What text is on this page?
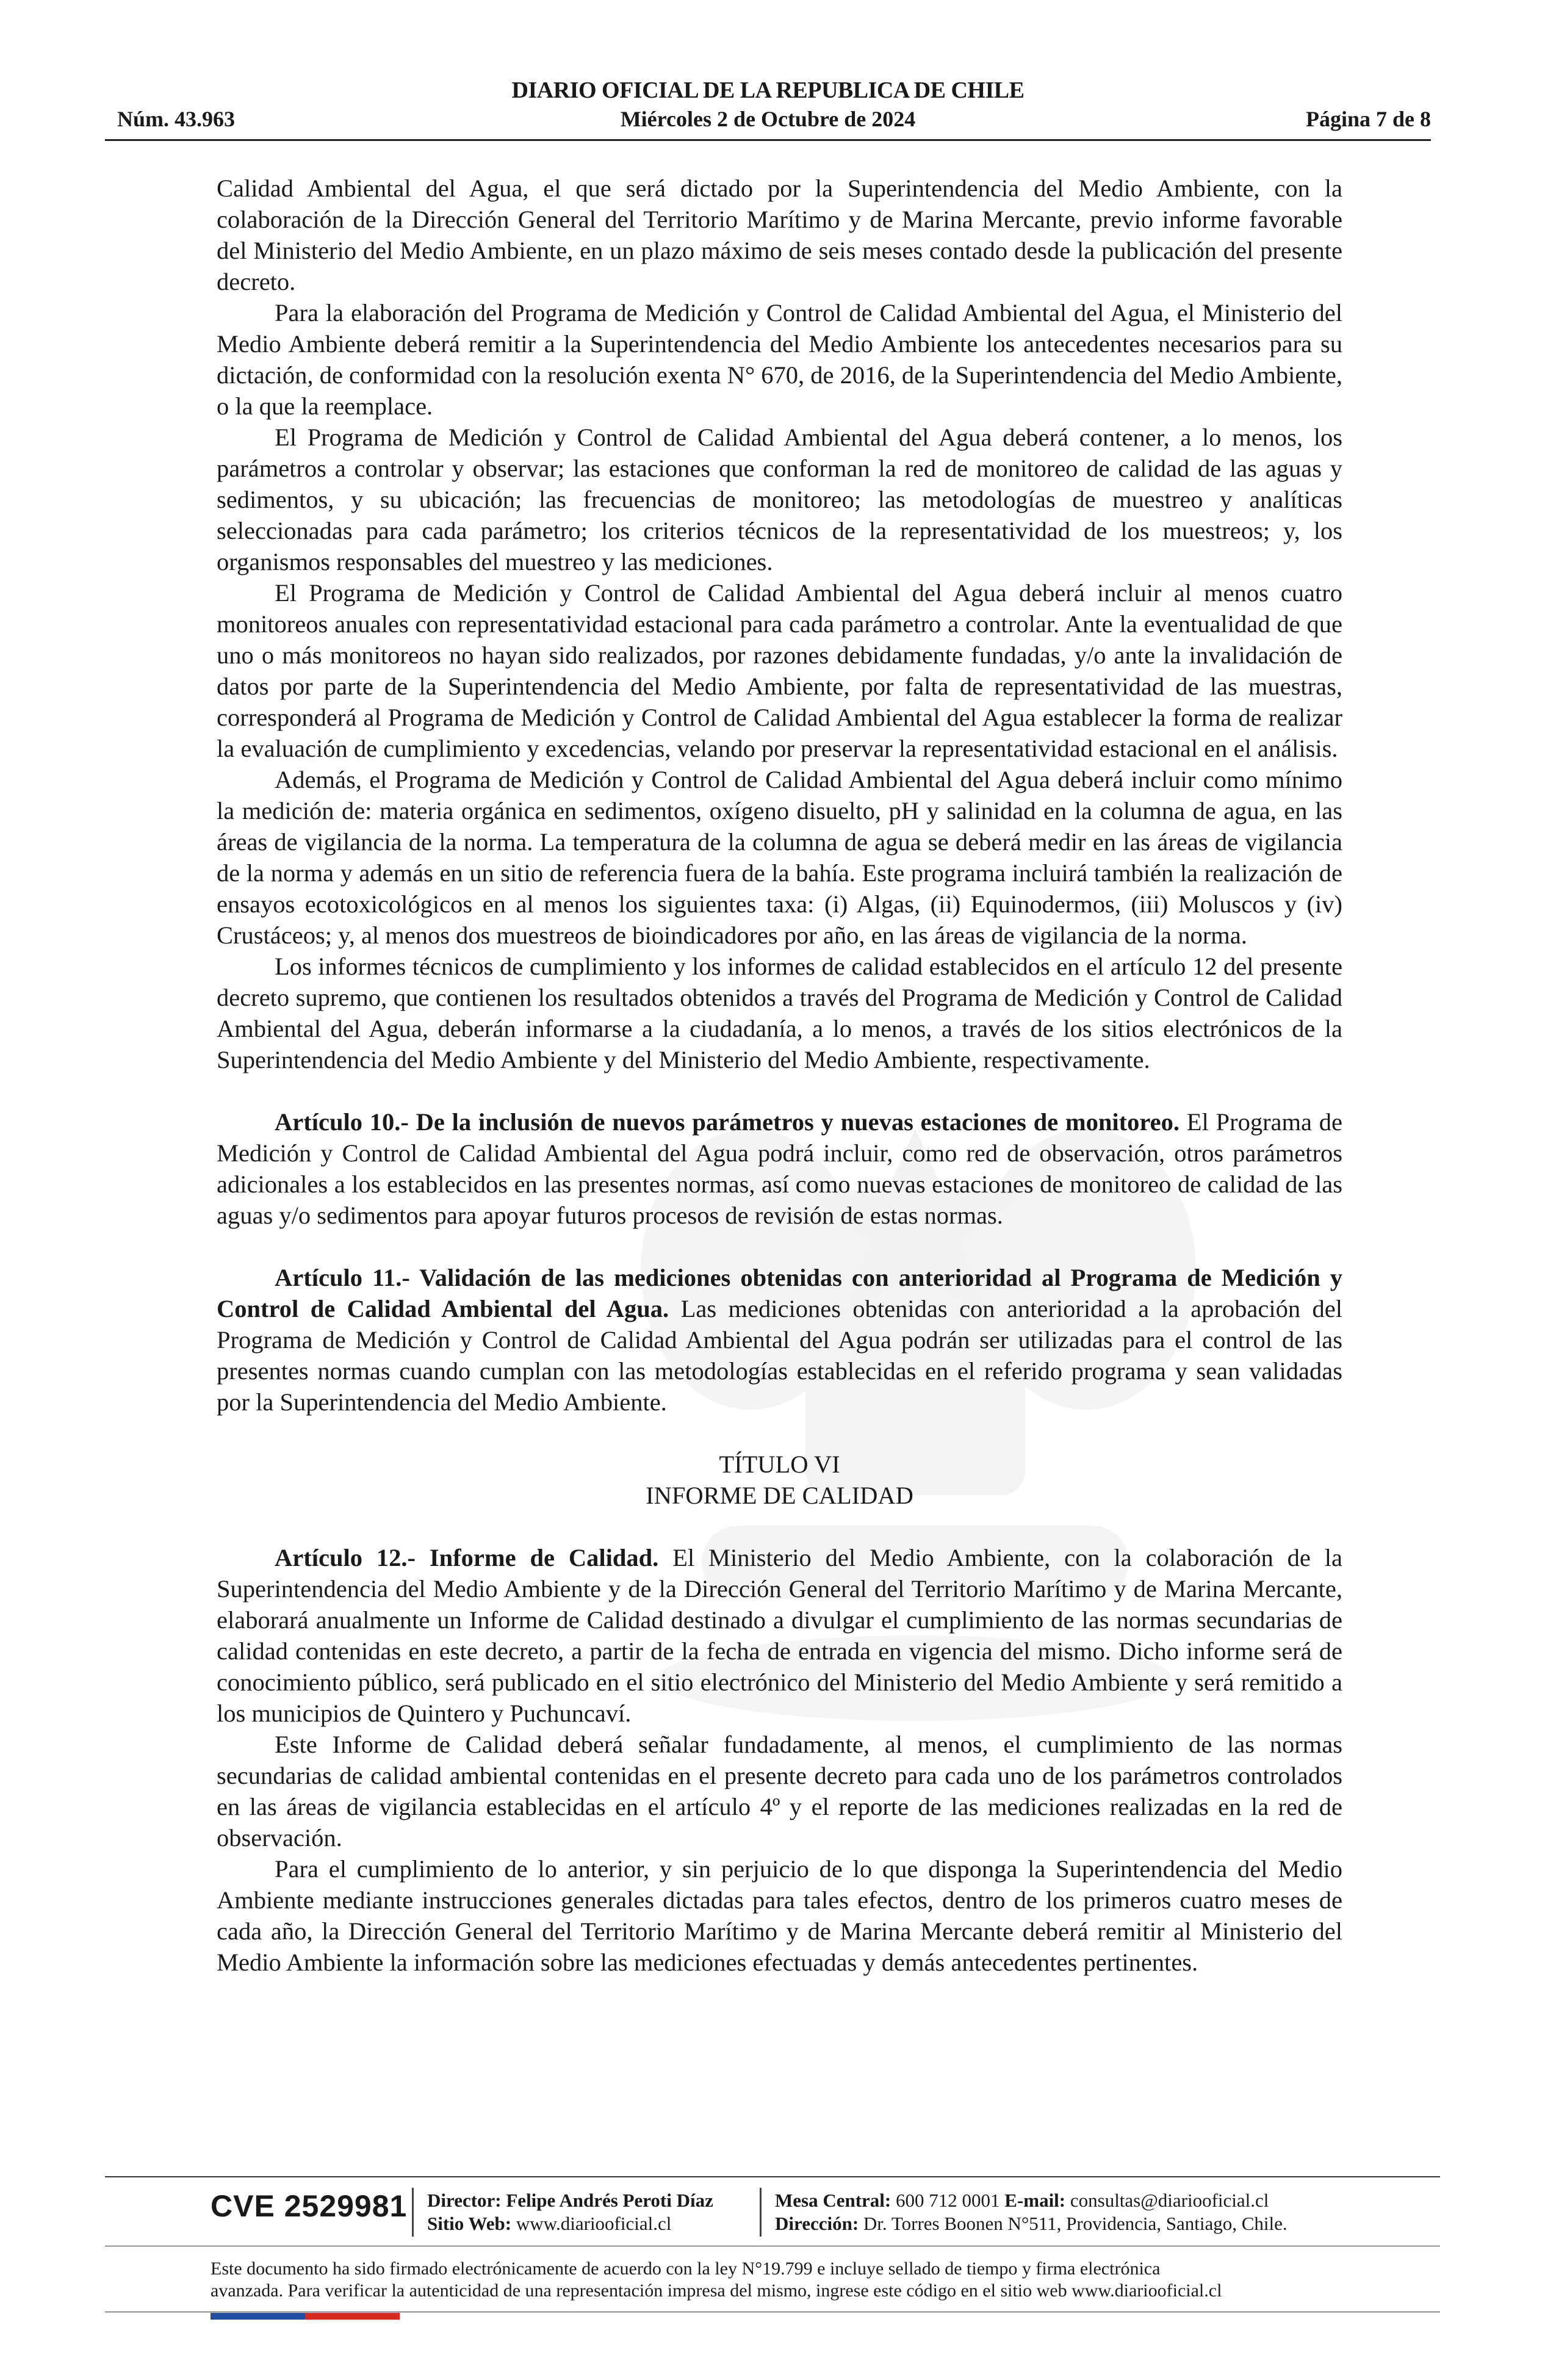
DIARIO OFICIAL DE LA REPUBLICA DE CHILE
Núm. 43.963	Miércoles 2 de Octubre de 2024	Página 7 de 8

Calidad Ambiental del Agua, el que será dictado por la Superintendencia del Medio Ambiente, con la colaboración de la Dirección General del Territorio Marítimo y de Marina Mercante, previo informe favorable del Ministerio del Medio Ambiente, en un plazo máximo de seis meses contado desde la publicación del presente decreto.

Para la elaboración del Programa de Medición y Control de Calidad Ambiental del Agua, el Ministerio del Medio Ambiente deberá remitir a la Superintendencia del Medio Ambiente los antecedentes necesarios para su dictación, de conformidad con la resolución exenta N° 670, de 2016, de la Superintendencia del Medio Ambiente, o la que la reemplace.

El Programa de Medición y Control de Calidad Ambiental del Agua deberá contener, a lo menos, los parámetros a controlar y observar; las estaciones que conforman la red de monitoreo de calidad de las aguas y sedimentos, y su ubicación; las frecuencias de monitoreo; las metodologías de muestreo y analíticas seleccionadas para cada parámetro; los criterios técnicos de la representatividad de los muestreos; y, los organismos responsables del muestreo y las mediciones.

El Programa de Medición y Control de Calidad Ambiental del Agua deberá incluir al menos cuatro monitoreos anuales con representatividad estacional para cada parámetro a controlar. Ante la eventualidad de que uno o más monitoreos no hayan sido realizados, por razones debidamente fundadas, y/o ante la invalidación de datos por parte de la Superintendencia del Medio Ambiente, por falta de representatividad de las muestras, corresponderá al Programa de Medición y Control de Calidad Ambiental del Agua establecer la forma de realizar la evaluación de cumplimiento y excedencias, velando por preservar la representatividad estacional en el análisis.

Además, el Programa de Medición y Control de Calidad Ambiental del Agua deberá incluir como mínimo la medición de: materia orgánica en sedimentos, oxígeno disuelto, pH y salinidad en la columna de agua, en las áreas de vigilancia de la norma. La temperatura de la columna de agua se deberá medir en las áreas de vigilancia de la norma y además en un sitio de referencia fuera de la bahía. Este programa incluirá también la realización de ensayos ecotoxicológicos en al menos los siguientes taxa: (i) Algas, (ii) Equinodermos, (iii) Moluscos y (iv) Crustáceos; y, al menos dos muestreos de bioindicadores por año, en las áreas de vigilancia de la norma.

Los informes técnicos de cumplimiento y los informes de calidad establecidos en el artículo 12 del presente decreto supremo, que contienen los resultados obtenidos a través del Programa de Medición y Control de Calidad Ambiental del Agua, deberán informarse a la ciudadanía, a lo menos, a través de los sitios electrónicos de la Superintendencia del Medio Ambiente y del Ministerio del Medio Ambiente, respectivamente.

Artículo 10.- De la inclusión de nuevos parámetros y nuevas estaciones de monitoreo. El Programa de Medición y Control de Calidad Ambiental del Agua podrá incluir, como red de observación, otros parámetros adicionales a los establecidos en las presentes normas, así como nuevas estaciones de monitoreo de calidad de las aguas y/o sedimentos para apoyar futuros procesos de revisión de estas normas.

Artículo 11.- Validación de las mediciones obtenidas con anterioridad al Programa de Medición y Control de Calidad Ambiental del Agua. Las mediciones obtenidas con anterioridad a la aprobación del Programa de Medición y Control de Calidad Ambiental del Agua podrán ser utilizadas para el control de las presentes normas cuando cumplan con las metodologías establecidas en el referido programa y sean validadas por la Superintendencia del Medio Ambiente.

TÍTULO VI
INFORME DE CALIDAD

Artículo 12.- Informe de Calidad. El Ministerio del Medio Ambiente, con la colaboración de la Superintendencia del Medio Ambiente y de la Dirección General del Territorio Marítimo y de Marina Mercante, elaborará anualmente un Informe de Calidad destinado a divulgar el cumplimiento de las normas secundarias de calidad contenidas en este decreto, a partir de la fecha de entrada en vigencia del mismo. Dicho informe será de conocimiento público, será publicado en el sitio electrónico del Ministerio del Medio Ambiente y será remitido a los municipios de Quintero y Puchuncaví.

Este Informe de Calidad deberá señalar fundadamente, al menos, el cumplimiento de las normas secundarias de calidad ambiental contenidas en el presente decreto para cada uno de los parámetros controlados en las áreas de vigilancia establecidas en el artículo 4º y el reporte de las mediciones realizadas en la red de observación.

Para el cumplimiento de lo anterior, y sin perjuicio de lo que disponga la Superintendencia del Medio Ambiente mediante instrucciones generales dictadas para tales efectos, dentro de los primeros cuatro meses de cada año, la Dirección General del Territorio Marítimo y de Marina Mercante deberá remitir al Ministerio del Medio Ambiente la información sobre las mediciones efectuadas y demás antecedentes pertinentes.

CVE 2529981 Director: Felipe Andrés Peroti Díaz
Sitio Web: www.diariooficial.cl
Mesa Central: 600 712 0001 E-mail: consultas@diariooficial.cl
Dirección: Dr. Torres Boonen N°511, Providencia, Santiago, Chile.
Este documento ha sido firmado electrónicamente de acuerdo con la ley N°19.799 e incluye sellado de tiempo y firma electrónica
avanzada. Para verificar la autenticidad de una representación impresa del mismo, ingrese este código en el sitio web www.diariooficial.cl
